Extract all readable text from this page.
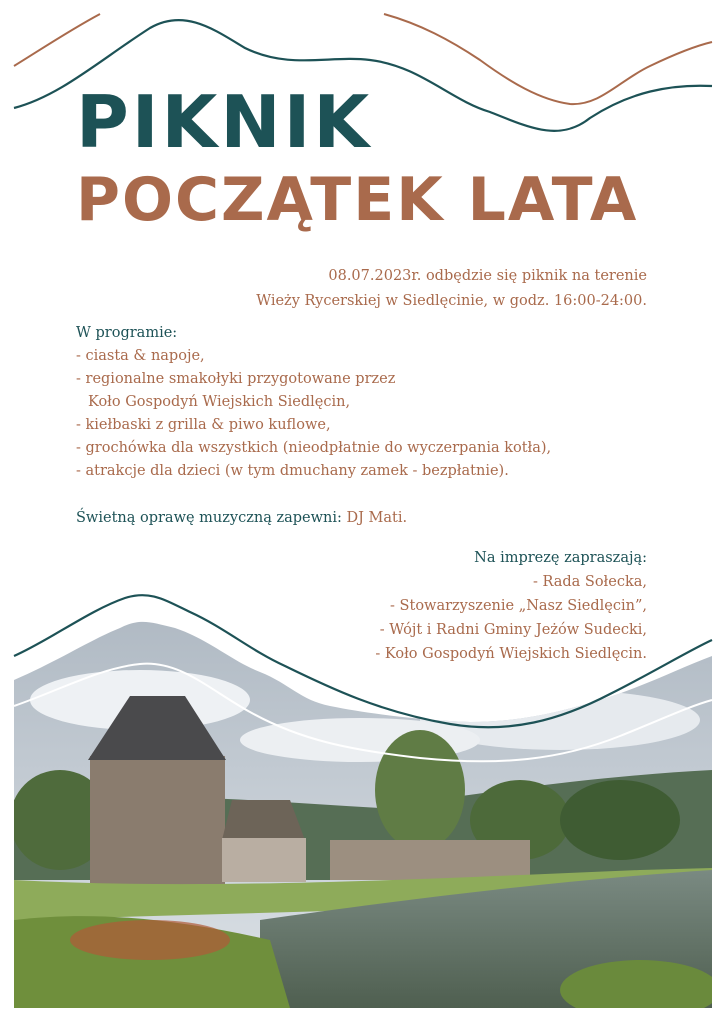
PIKNIK
POCZĄTEK LATA
08.07.2023r. odbędzie się piknik na terenie
Wieży Rycerskiej w Siedlęcinie, w godz. 16:00-24:00.
W programie:
- ciasta & napoje,
- regionalne smakołyki przygotowane przez
Koło Gospodyń Wiejskich Siedlęcin,
- kiełbaski z grilla & piwo kuflowe,
- grochówka dla wszystkich (nieodpłatnie do wyczerpania kotła),
- atrakcje dla dzieci (w tym dmuchany zamek - bezpłatnie).
Świetną oprawę muzyczną zapewni: DJ Mati.
Na imprezę zapraszają:
- Rada Sołecka,
- Stowarzyszenie „Nasz Siedlęcin”,
- Wójt i Radni Gminy Jeżów Sudecki,
- Koło Gospodyń Wiejskich Siedlęcin.
